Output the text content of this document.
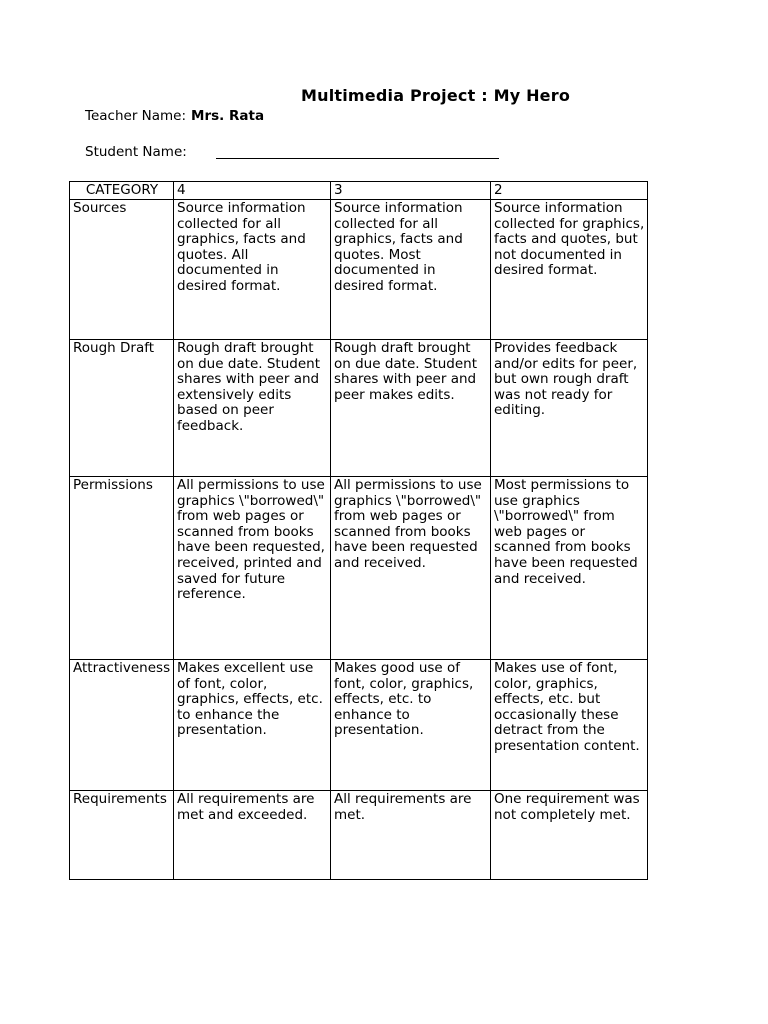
Multimedia Project : My Hero
Teacher Name: Mrs. Rata
Student Name:
CATEGORY	4	3	2
Sources	Source information collected for all graphics, facts and quotes. All documented in desired format.	Source information collected for all graphics, facts and quotes. Most documented in desired format.	Source information collected for graphics, facts and quotes, but not documented in desired format.
Rough Draft	Rough draft brought on due date. Student shares with peer and extensively edits based on peer feedback.	Rough draft brought on due date. Student shares with peer and peer makes edits.	Provides feedback and/or edits for peer, but own rough draft was not ready for editing.
Permissions	All permissions to use graphics \"borrowed\" from web pages or scanned from books have been requested, received, printed and saved for future reference.	All permissions to use graphics \"borrowed\" from web pages or scanned from books have been requested and received.	Most permissions to use graphics \"borrowed\" from web pages or scanned from books have been requested and received.
Attractiveness	Makes excellent use of font, color, graphics, effects, etc. to enhance the presentation.	Makes good use of font, color, graphics, effects, etc. to enhance to presentation.	Makes use of font, color, graphics, effects, etc. but occasionally these detract from the presentation content.
Requirements	All requirements are met and exceeded.	All requirements are met.	One requirement was not completely met.
